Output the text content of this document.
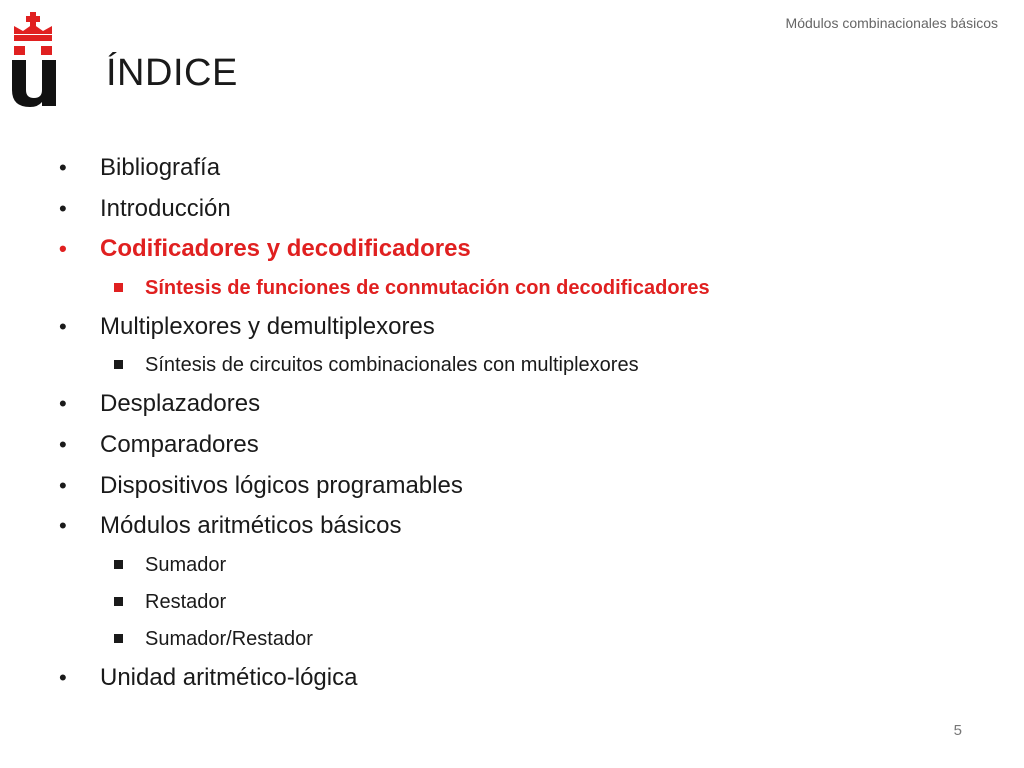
Módulos combinacionales básicos
ÍNDICE
• Bibliografía
• Introducción
• Codificadores y decodificadores
Síntesis de funciones de conmutación con decodificadores
• Multiplexores y demultiplexores
Síntesis de circuitos combinacionales con multiplexores
• Desplazadores
• Comparadores
• Dispositivos lógicos programables
• Módulos aritméticos básicos
Sumador
Restador
Sumador/Restador
• Unidad aritmético-lógica
5
